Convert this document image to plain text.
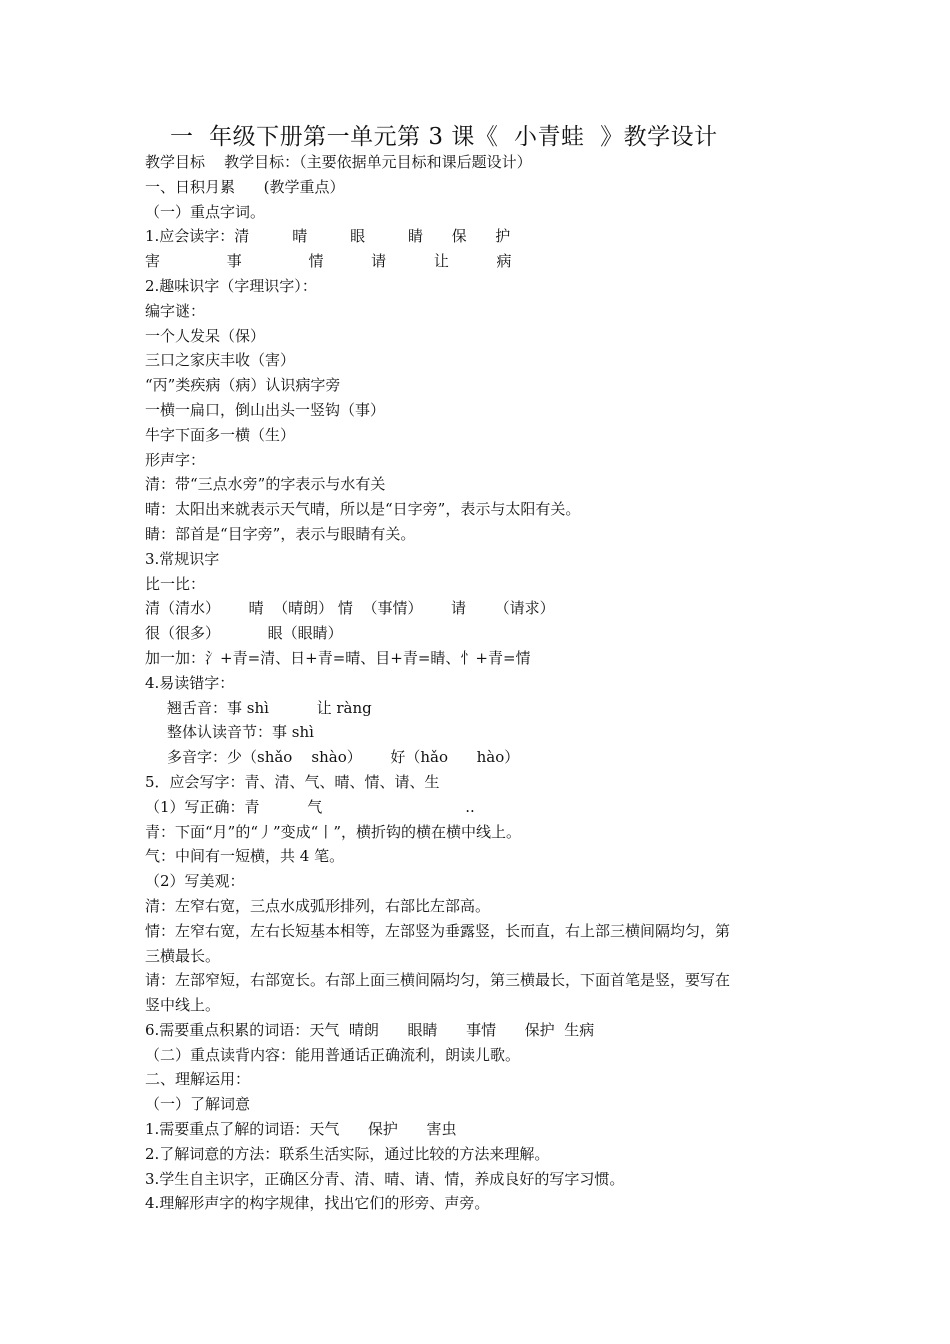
一  年级下册第一单元第 3 课《  小青蛙  》教学设计
教学目标    教学目标：（主要依据单元目标和课后题设计）
一、日积月累      (教学重点）
（一）重点字词。
1.应会读字：清         晴         眼         睛      保      护
害              事              情          请          让          病
2.趣味识字（字理识字）：
编字谜：
一个人发呆（保）
三口之家庆丰收（害）
“丙”类疾病（病）认识病字旁
一横一扁口，倒山出头一竖钩（事）
牛字下面多一横（生）
形声字：
清：带“三点水旁”的字表示与水有关
晴：太阳出来就表示天气晴，所以是“日字旁”，表示与太阳有关。
睛：部首是“目字旁”，表示与眼睛有关。
3.常规识字
比一比：
清（清水）      晴  （晴朗） 情  （事情）      请      （请求）
很（很多）          眼（眼睛）
加一加：氵+青=清、日+青=晴、目+青=睛、忄+青=情
4.易读错字：
翘舌音：事 shì          让 ràng
整体认读音节：事 shì
多音字：少（shǎo    shào）      好（hǎo      hào）
5．应会写字：青、清、气、晴、情、请、生
（1）写正确：青          气                              ..
青：下面“月”的“丿”变成“丨”，横折钩的横在横中线上。
气：中间有一短横，共 4 笔。
（2）写美观：
清：左窄右宽，三点水成弧形排列，右部比左部高。
情：左窄右宽，左右长短基本相等，左部竖为垂露竖，长而直，右上部三横间隔均匀，第
三横最长。
请：左部窄短，右部宽长。右部上面三横间隔均匀，第三横最长，下面首笔是竖，要写在
竖中线上。
6.需要重点积累的词语：天气  晴朗      眼睛      事情      保护  生病
（二）重点读背内容：能用普通话正确流利，朗读儿歌。
二、理解运用：
（一）了解词意
1.需要重点了解的词语：天气      保护      害虫
2.了解词意的方法：联系生活实际，通过比较的方法来理解。
3.学生自主识字，正确区分青、清、晴、请、情，养成良好的写字习惯。
4.理解形声字的构字规律，找出它们的形旁、声旁。
